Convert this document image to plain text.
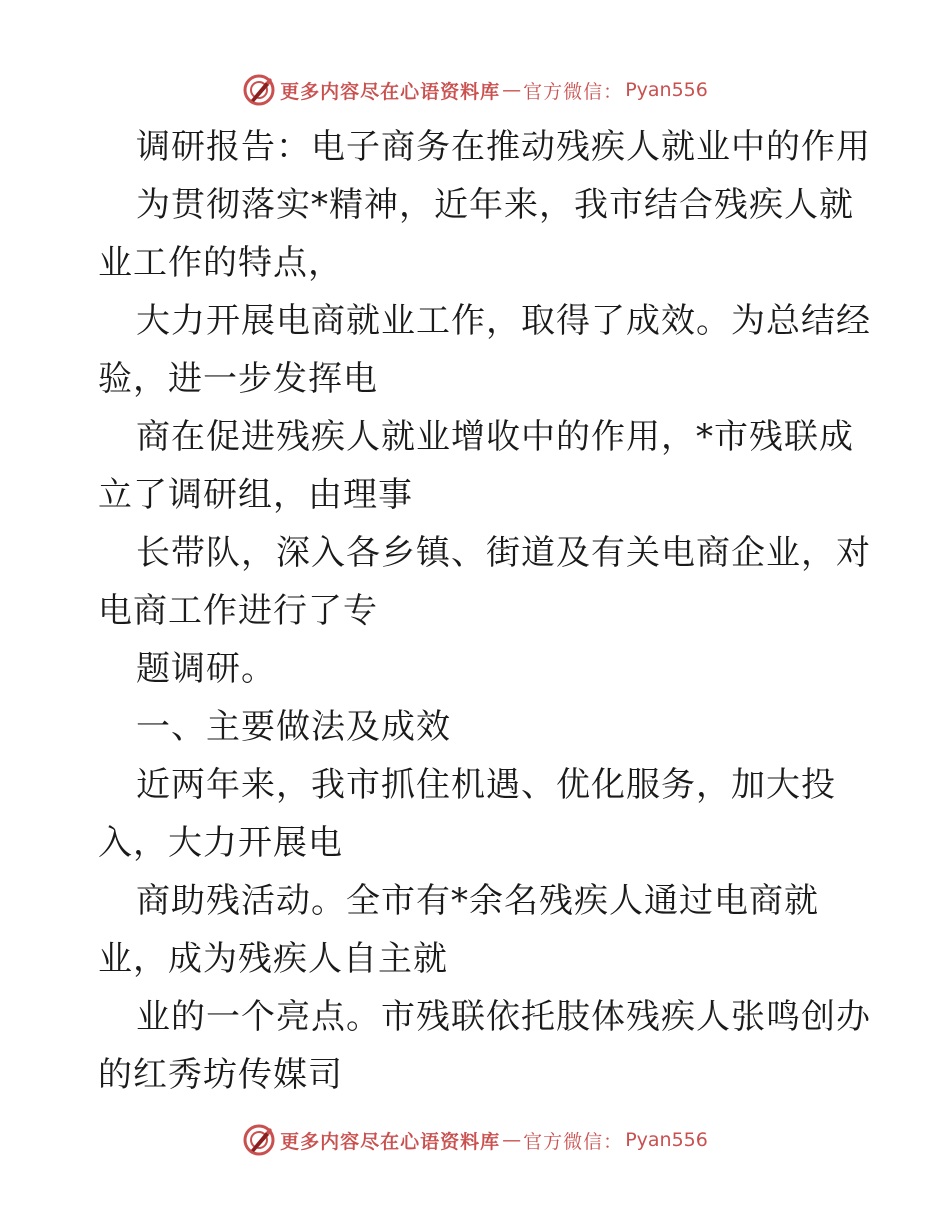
更多内容尽在心语资料库 — 官方微信： Pyan556
调研报告：电子商务在推动残疾人就业中的作用
为贯彻落实*精神，近年来，我市结合残疾人就
业工作的特点，
大力开展电商就业工作，取得了成效。为总结经
验，进一步发挥电
商在促进残疾人就业增收中的作用，*市残联成
立了调研组，由理事
长带队，深入各乡镇、街道及有关电商企业，对
电商工作进行了专
题调研。
一、主要做法及成效
近两年来，我市抓住机遇、优化服务，加大投
入，大力开展电
商助残活动。全市有*余名残疾人通过电商就
业，成为残疾人自主就
业的一个亮点。市残联依托肢体残疾人张鸣创办
的红秀坊传媒司
更多内容尽在心语资料库 — 官方微信： Pyan556
